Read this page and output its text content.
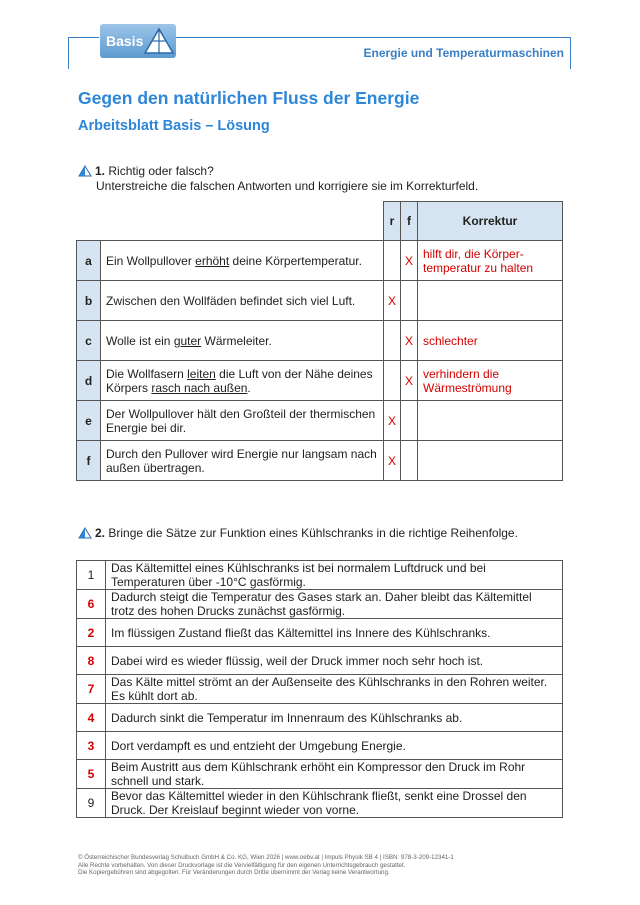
Basis
Energie und Temperaturmaschinen
Gegen den natürlichen Fluss der Energie
Arbeitsblatt Basis – Lösung
1. Richtig oder falsch?
Unterstreiche die falschen Antworten und korrigiere sie im Korrekturfeld.
		r	f	Korrektur
a	Ein Wollpullover erhöht deine Körpertemperatur.		X	hilft dir, die Körper-temperatur zu halten
b	Zwischen den Wollfäden befindet sich viel Luft.	X		
c	Wolle ist ein guter Wärmeleiter.		X	schlechter
d	Die Wollfasern leiten die Luft von der Nähe deines Körpers rasch nach außen.		X	verhindern die Wärmeströmung
e	Der Wollpullover hält den Großteil der thermischen Energie bei dir.	X		
f	Durch den Pullover wird Energie nur langsam nach außen übertragen.	X		
2. Bringe die Sätze zur Funktion eines Kühlschranks in die richtige Reihenfolge.
1	Das Kältemittel eines Kühlschranks ist bei normalem Luftdruck und bei Temperaturen über -10°C gasförmig.
6	Dadurch steigt die Temperatur des Gases stark an. Daher bleibt das Kältemittel trotz des hohen Drucks zunächst gasförmig.
2	Im flüssigen Zustand fließt das Kältemittel ins Innere des Kühlschranks.
8	Dabei wird es wieder flüssig, weil der Druck immer noch sehr hoch ist.
7	Das Kälte mittel strömt an der Außenseite des Kühlschranks in den Rohren weiter. Es kühlt dort ab.
4	Dadurch sinkt die Temperatur im Innenraum des Kühlschranks ab.
3	Dort verdampft es und entzieht der Umgebung Energie.
5	Beim Austritt aus dem Kühlschrank erhöht ein Kompressor den Druck im Rohr schnell und stark.
9	Bevor das Kältemittel wieder in den Kühlschrank fließt, senkt eine Drossel den Druck. Der Kreislauf beginnt wieder von vorne.
© Österreichischer Bundesverlag Schulbuch GmbH & Co. KG, Wien 2026 | www.oebv.at | Impuls Physik SB 4 | ISBN: 978-3-209-12341-1
Alle Rechte vorbehalten. Von dieser Druckvorlage ist die Vervielfältigung für den eigenen Unterrichtsgebrauch gestattet.
Die Kopiergebühren sind abgegolten. Für Veränderungen durch Dritte übernimmt der Verlag keine Verantwortung.
